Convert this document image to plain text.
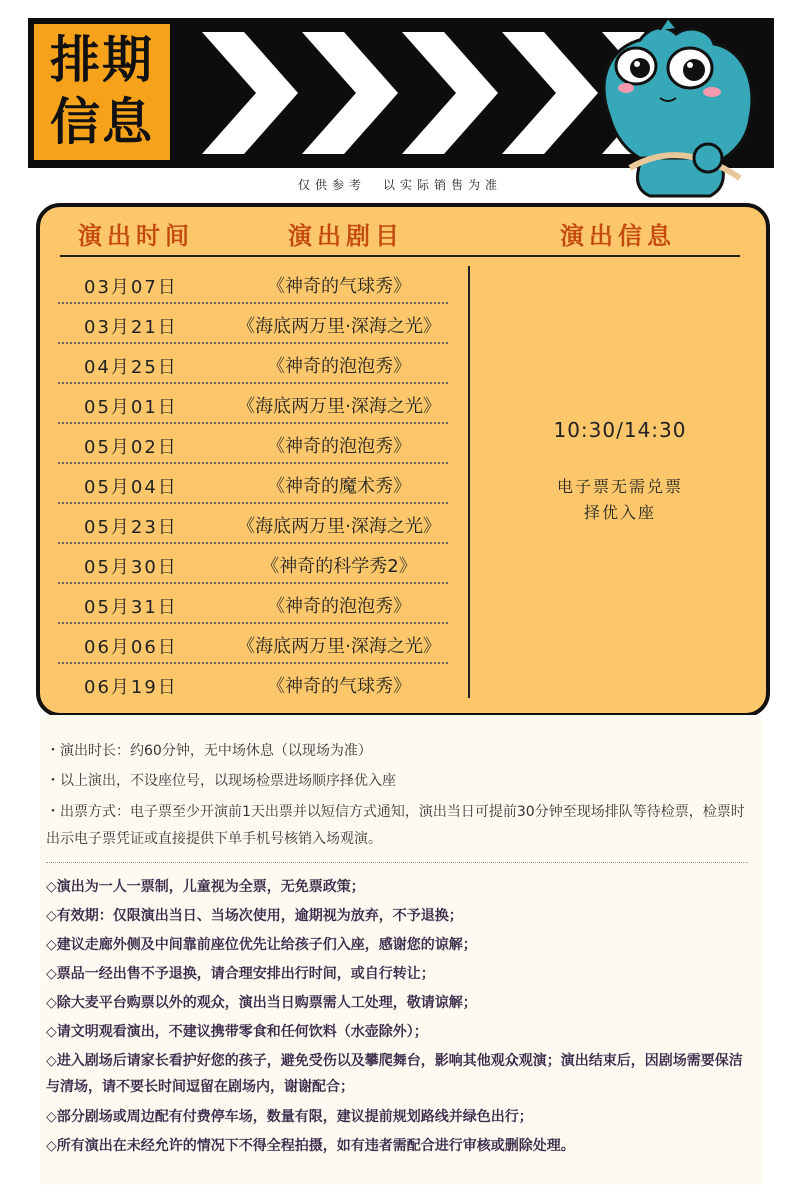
排期
信息
仅供参考　以实际销售为准
演出时间	演出剧目	演出信息
03月07日	《神奇的气球秀》
03月21日	《海底两万里·深海之光》
04月25日	《神奇的泡泡秀》
05月01日	《海底两万里·深海之光》
05月02日	《神奇的泡泡秀》
05月04日	《神奇的魔术秀》
05月23日	《海底两万里·深海之光》
05月30日	《神奇的科学秀2》
05月31日	《神奇的泡泡秀》
06月06日	《海底两万里·深海之光》
06月19日	《神奇的气球秀》
10:30/14:30
电子票无需兑票
择优入座
・演出时长：约60分钟，无中场休息（以现场为准）
・以上演出，不设座位号，以现场检票进场顺序择优入座
・出票方式：电子票至少开演前1天出票并以短信方式通知，演出当日可提前30分钟至现场排队等待检票，检票时
出示电子票凭证或直接提供下单手机号核销入场观演。
◇演出为一人一票制，儿童视为全票，无免票政策；
◇有效期：仅限演出当日、当场次使用，逾期视为放弃，不予退换；
◇建议走廊外侧及中间靠前座位优先让给孩子们入座，感谢您的谅解；
◇票品一经出售不予退换，请合理安排出行时间，或自行转让；
◇除大麦平台购票以外的观众，演出当日购票需人工处理，敬请谅解；
◇请文明观看演出，不建议携带零食和任何饮料（水壶除外）；
◇进入剧场后请家长看护好您的孩子，避免受伤以及攀爬舞台，影响其他观众观演；演出结束后，因剧场需要保洁
与清场，请不要长时间逗留在剧场内，谢谢配合；
◇部分剧场或周边配有付费停车场，数量有限，建议提前规划路线并绿色出行；
◇所有演出在未经允许的情况下不得全程拍摄，如有违者需配合进行审核或删除处理。
